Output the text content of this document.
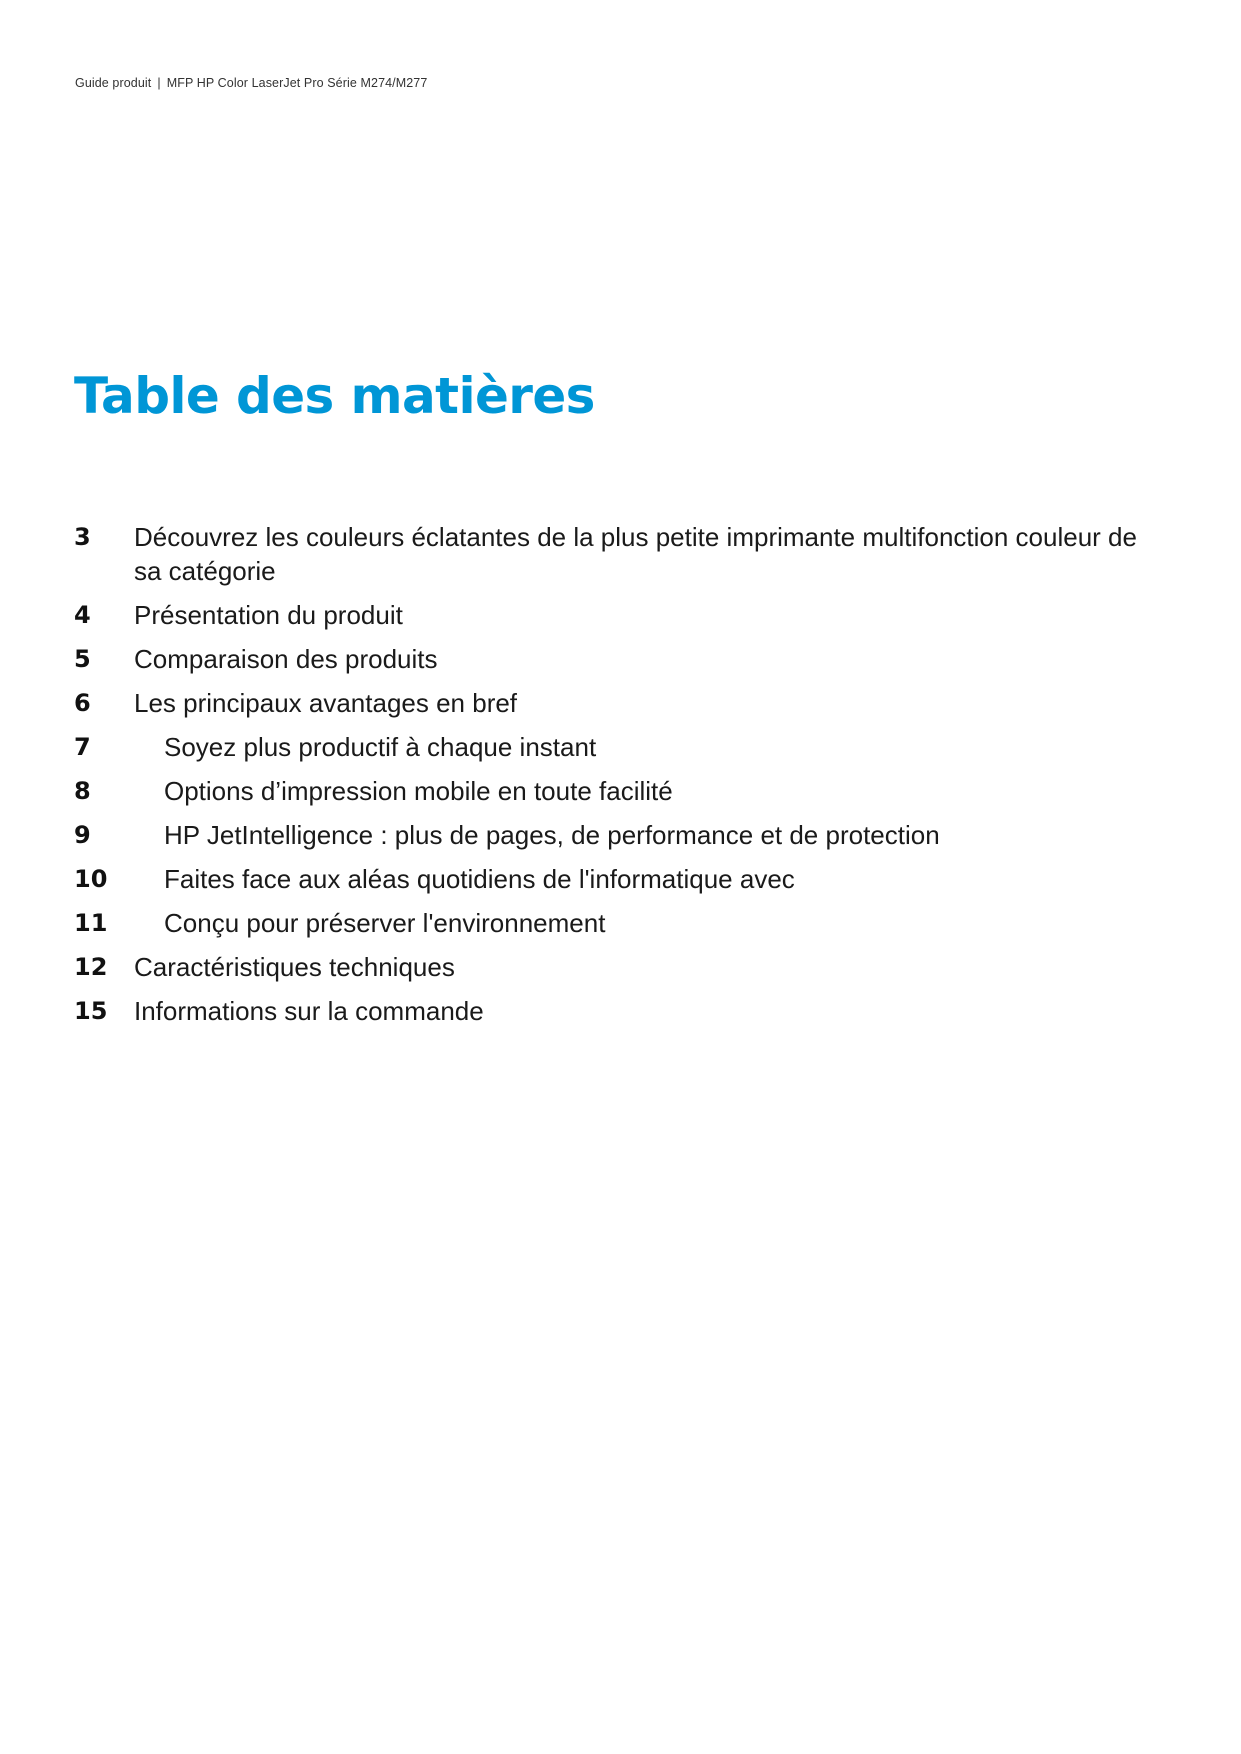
Guide produit | MFP HP Color LaserJet Pro Série M274/M277
Table des matières
3	Découvrez les couleurs éclatantes de la plus petite imprimante multifonction couleur de sa catégorie
4	Présentation du produit
5	Comparaison des produits
6	Les principaux avantages en bref
7	Soyez plus productif à chaque instant
8	Options d’impression mobile en toute facilité
9	HP JetIntelligence : plus de pages, de performance et de protection
10	Faites face aux aléas quotidiens de l'informatique avec
11	Conçu pour préserver l'environnement
12	Caractéristiques techniques
15	Informations sur la commande
